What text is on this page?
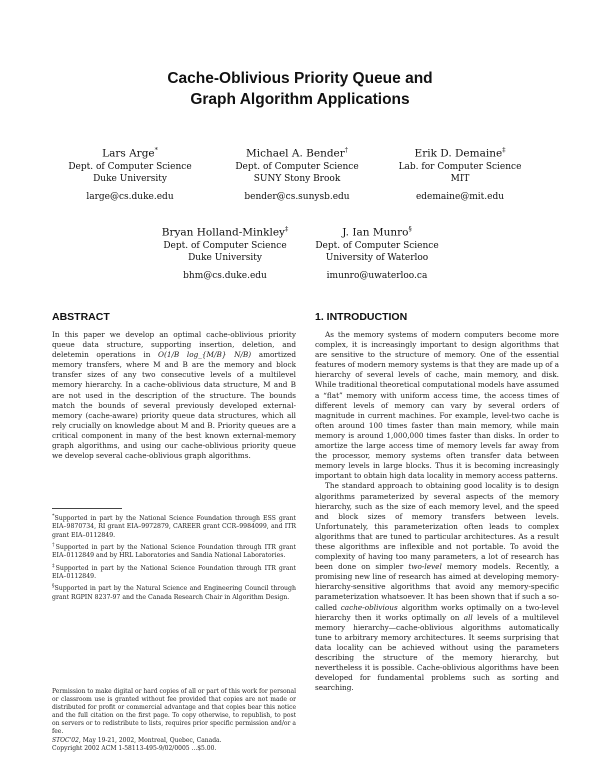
Cache-Oblivious Priority Queue and
Graph Algorithm Applications
Lars Arge*
Dept. of Computer Science
Duke University
large@cs.duke.edu
Michael A. Bender†
Dept. of Computer Science
SUNY Stony Brook
bender@cs.sunysb.edu
Erik D. Demaine‡
Lab. for Computer Science
MIT
edemaine@mit.edu
Bryan Holland-Minkley‡
Dept. of Computer Science
Duke University
bhm@cs.duke.edu
J. Ian Munro§
Dept. of Computer Science
University of Waterloo
imunro@uwaterloo.ca
ABSTRACT

In this paper we develop an optimal cache-oblivious priority queue data structure, supporting insertion, deletion, and deletemin operations in O(1/B log_{M/B} N/B) amortized memory transfers, where M and B are the memory and block transfer sizes of any two consecutive levels of a multilevel memory hierarchy. In a cache-oblivious data structure, M and B are not used in the description of the structure. The bounds match the bounds of several previously developed external-memory (cache-aware) priority queue data structures, which all rely crucially on knowledge about M and B. Priority queues are a critical component in many of the best known external-memory graph algorithms, and using our cache-oblivious priority queue we develop several cache-oblivious graph algorithms.

*Supported in part by the National Science Foundation through ESS grant EIA–9870734, RI grant EIA–9972879, CAREER grant CCR–9984099, and ITR grant EIA–0112849.

†Supported in part by the National Science Foundation through ITR grant EIA–0112849 and by HRL Laboratories and Sandia National Laboratories.

‡Supported in part by the National Science Foundation through ITR grant EIA–0112849.

§Supported in part by the Natural Science and Engineering Council through grant RGPIN 8237-97 and the Canada Research Chair in Algorithm Design.

Permission to make digital or hard copies of all or part of this work for personal or classroom use is granted without fee provided that copies are not made or distributed for profit or commercial advantage and that copies bear this notice and the full citation on the first page. To copy otherwise, to republish, to post on servers or to redistribute to lists, requires prior specific permission and/or a fee.

STOC'02, May 19-21, 2002, Montreal, Quebec, Canada.

Copyright 2002 ACM 1-58113-495-9/02/0005 ...$5.00.

1. INTRODUCTION

As the memory systems of modern computers become more complex, it is increasingly important to design algorithms that are sensitive to the structure of memory. One of the essential features of modern memory systems is that they are made up of a hierarchy of several levels of cache, main memory, and disk. While traditional theoretical computational models have assumed a “flat” memory with uniform access time, the access times of different levels of memory can vary by several orders of magnitude in current machines. For example, level-two cache is often around 100 times faster than main memory, while main memory is around 1,000,000 times faster than disks. In order to amortize the large access time of memory levels far away from the processor, memory systems often transfer data between memory levels in large blocks. Thus it is becoming increasingly important to obtain high data locality in memory access patterns.

The standard approach to obtaining good locality is to design algorithms parameterized by several aspects of the memory hierarchy, such as the size of each memory level, and the speed and block sizes of memory transfers between levels. Unfortunately, this parameterization often leads to complex algorithms that are tuned to particular architectures. As a result these algorithms are inflexible and not portable. To avoid the complexity of having too many parameters, a lot of research has been done on simpler two-level memory models. Recently, a promising new line of research has aimed at developing memory-hierarchy-sensitive algorithms that avoid any memory-specific parameterization whatsoever. It has been shown that if such a so-called cache-oblivious algorithm works optimally on a two-level hierarchy then it works optimally on all levels of a multilevel memory hierarchy—cache-oblivious algorithms automatically tune to arbitrary memory architectures. It seems surprising that data locality can be achieved without using the parameters describing the structure of the memory hierarchy, but nevertheless it is possible. Cache-oblivious algorithms have been developed for fundamental problems such as sorting and searching.
